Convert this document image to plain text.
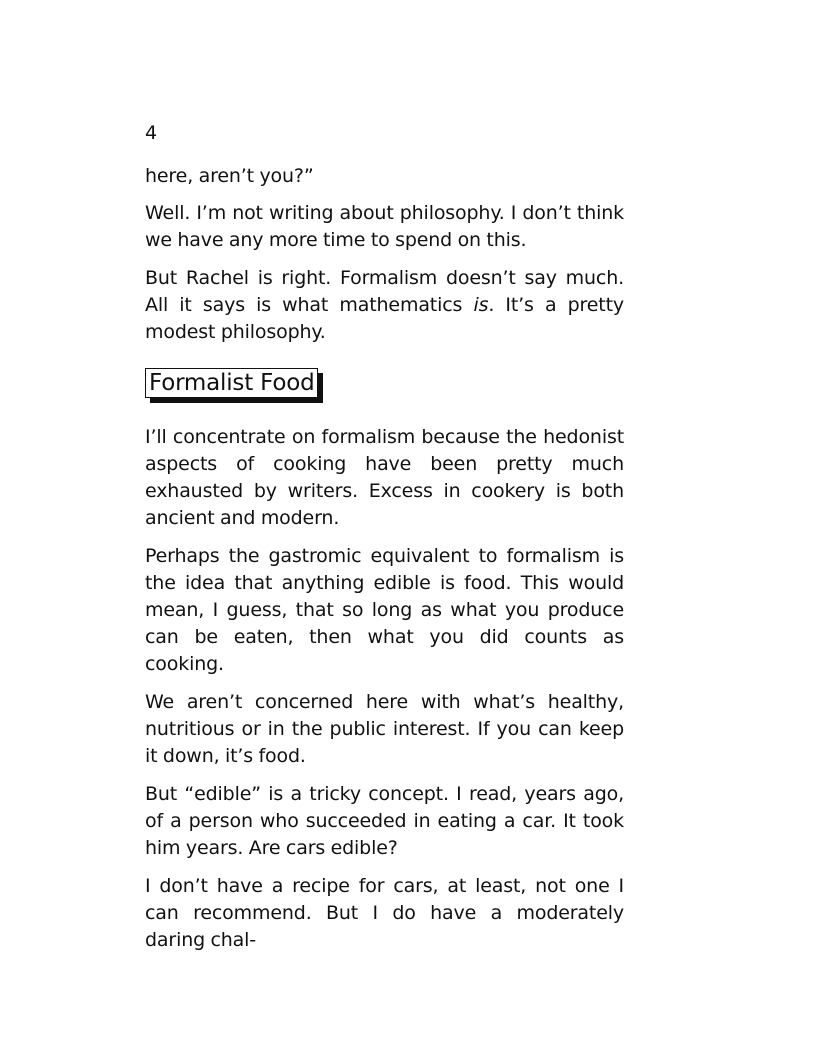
4

here, aren’t you?”

Well. I’m not writing about philosophy. I don’t think we have any more time to spend on this.

But Rachel is right. Formalism doesn’t say much. All it says is what mathematics is. It’s a pretty modest philosophy.

Formalist Food

I’ll concentrate on formalism because the hedonist aspects of cooking have been pretty much exhausted by writers. Excess in cookery is both ancient and modern.

Perhaps the gastromic equivalent to formalism is the idea that anything edible is food. This would mean, I guess, that so long as what you produce can be eaten, then what you did counts as cooking.

We aren’t concerned here with what’s healthy, nutritious or in the public interest. If you can keep it down, it’s food.

But “edible” is a tricky concept. I read, years ago, of a person who succeeded in eating a car. It took him years. Are cars edible?

I don’t have a recipe for cars, at least, not one I can recommend. But I do have a moderately daring chal-
